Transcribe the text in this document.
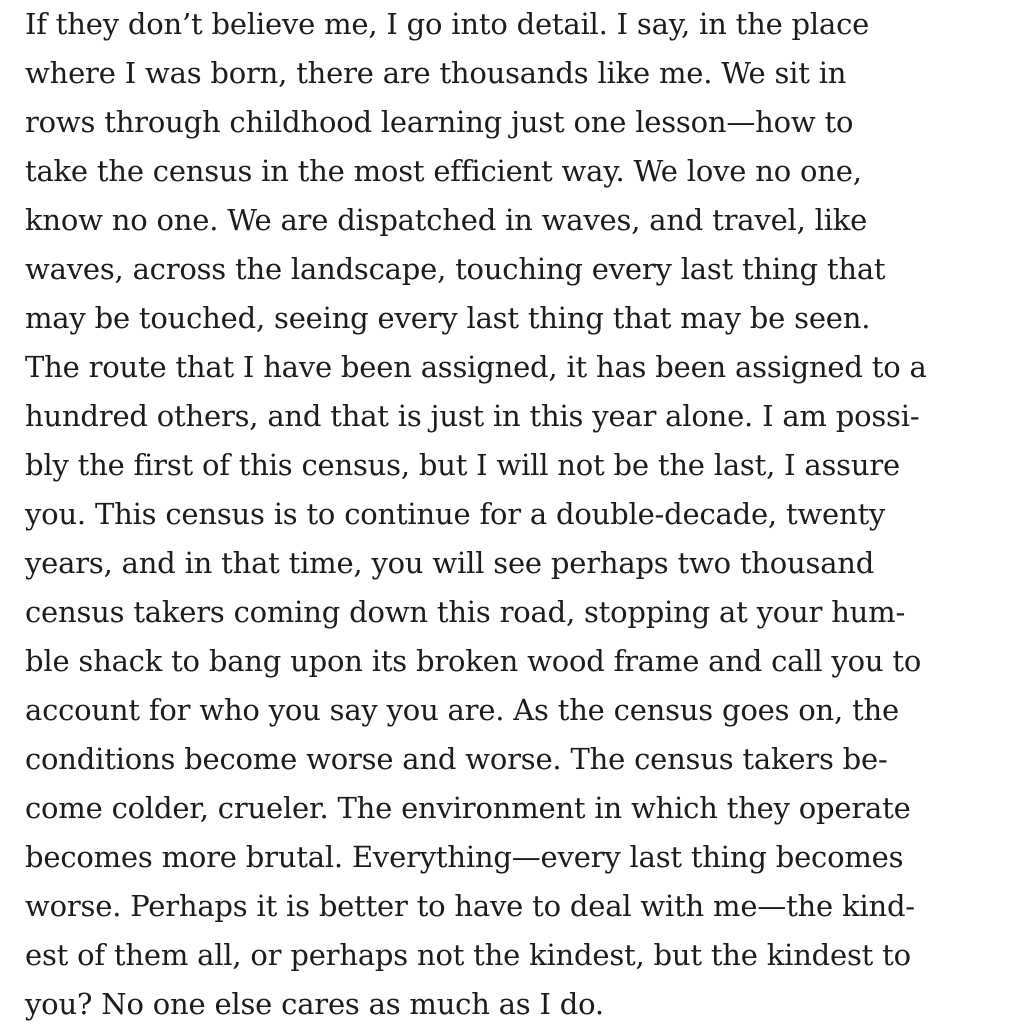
If they don’t believe me, I go into detail. I say, in the place
where I was born, there are thousands like me. We sit in
rows through childhood learning just one lesson—how to
take the census in the most efficient way. We love no one,
know no one. We are dispatched in waves, and travel, like
waves, across the landscape, touching every last thing that
may be touched, seeing every last thing that may be seen.
The route that I have been assigned, it has been assigned to a
hundred others, and that is just in this year alone. I am possi-
bly the first of this census, but I will not be the last, I assure
you. This census is to continue for a double-decade, twenty
years, and in that time, you will see perhaps two thousand
census takers coming down this road, stopping at your hum-
ble shack to bang upon its broken wood frame and call you to
account for who you say you are. As the census goes on, the
conditions become worse and worse. The census takers be-
come colder, crueler. The environment in which they operate
becomes more brutal. Everything—every last thing becomes
worse. Perhaps it is better to have to deal with me—the kind-
est of them all, or perhaps not the kindest, but the kindest to
you? No one else cares as much as I do.
